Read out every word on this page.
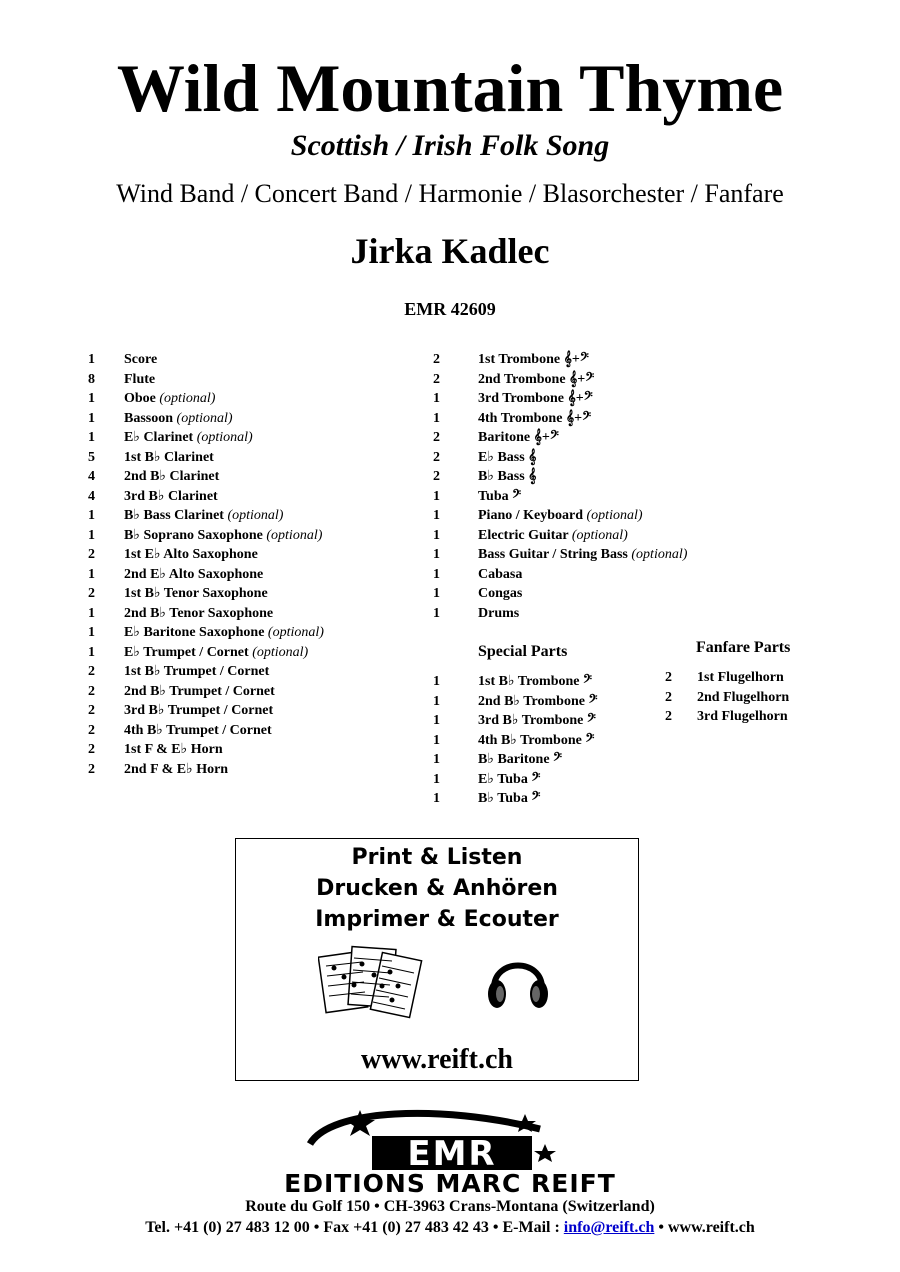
Wild Mountain Thyme
Scottish / Irish Folk Song
Wind Band / Concert Band / Harmonie / Blasorchester / Fanfare
Jirka Kadlec
EMR 42609
1 Score
8 Flute
1 Oboe (optional)
1 Bassoon (optional)
1 E♭ Clarinet (optional)
5 1st B♭ Clarinet
4 2nd B♭ Clarinet
4 3rd B♭ Clarinet
1 B♭ Bass Clarinet (optional)
1 B♭ Soprano Saxophone (optional)
2 1st E♭ Alto Saxophone
1 2nd E♭ Alto Saxophone
2 1st B♭ Tenor Saxophone
1 2nd B♭ Tenor Saxophone
1 E♭ Baritone Saxophone (optional)
1 E♭ Trumpet / Cornet (optional)
2 1st B♭ Trumpet / Cornet
2 2nd B♭ Trumpet / Cornet
2 3rd B♭ Trumpet / Cornet
2 4th B♭ Trumpet / Cornet
2 1st F & E♭ Horn
2 2nd F & E♭ Horn
2	1st Trombone 𝄞+𝄢
2	2nd Trombone 𝄞+𝄢
1	3rd Trombone 𝄞+𝄢
1	4th Trombone 𝄞+𝄢
2	Baritone 𝄞+𝄢
2	E♭ Bass 𝄞
2	B♭ Bass 𝄞
1	Tuba 𝄢
1	Piano / Keyboard (optional)
1	Electric Guitar (optional)
1	Bass Guitar / String Bass (optional)
1	Cabasa
1	Congas
1	Drums
Special Parts
1	1st B♭ Trombone 𝄢
1	2nd B♭ Trombone 𝄢
1	3rd B♭ Trombone 𝄢
1	4th B♭ Trombone 𝄢
1	B♭ Baritone 𝄢
1	E♭ Tuba 𝄢
1	B♭ Tuba 𝄢
Fanfare Parts
2 1st Flugelhorn
2 2nd Flugelhorn
2 3rd Flugelhorn
Print & Listen
Drucken & Anhören
Imprimer & Ecouter
www.reift.ch
EMR
EDITIONS MARC REIFT
Route du Golf 150 • CH-3963 Crans-Montana (Switzerland)
Tel. +41 (0) 27 483 12 00 • Fax +41 (0) 27 483 42 43 • E-Mail : info@reift.ch • www.reift.ch
